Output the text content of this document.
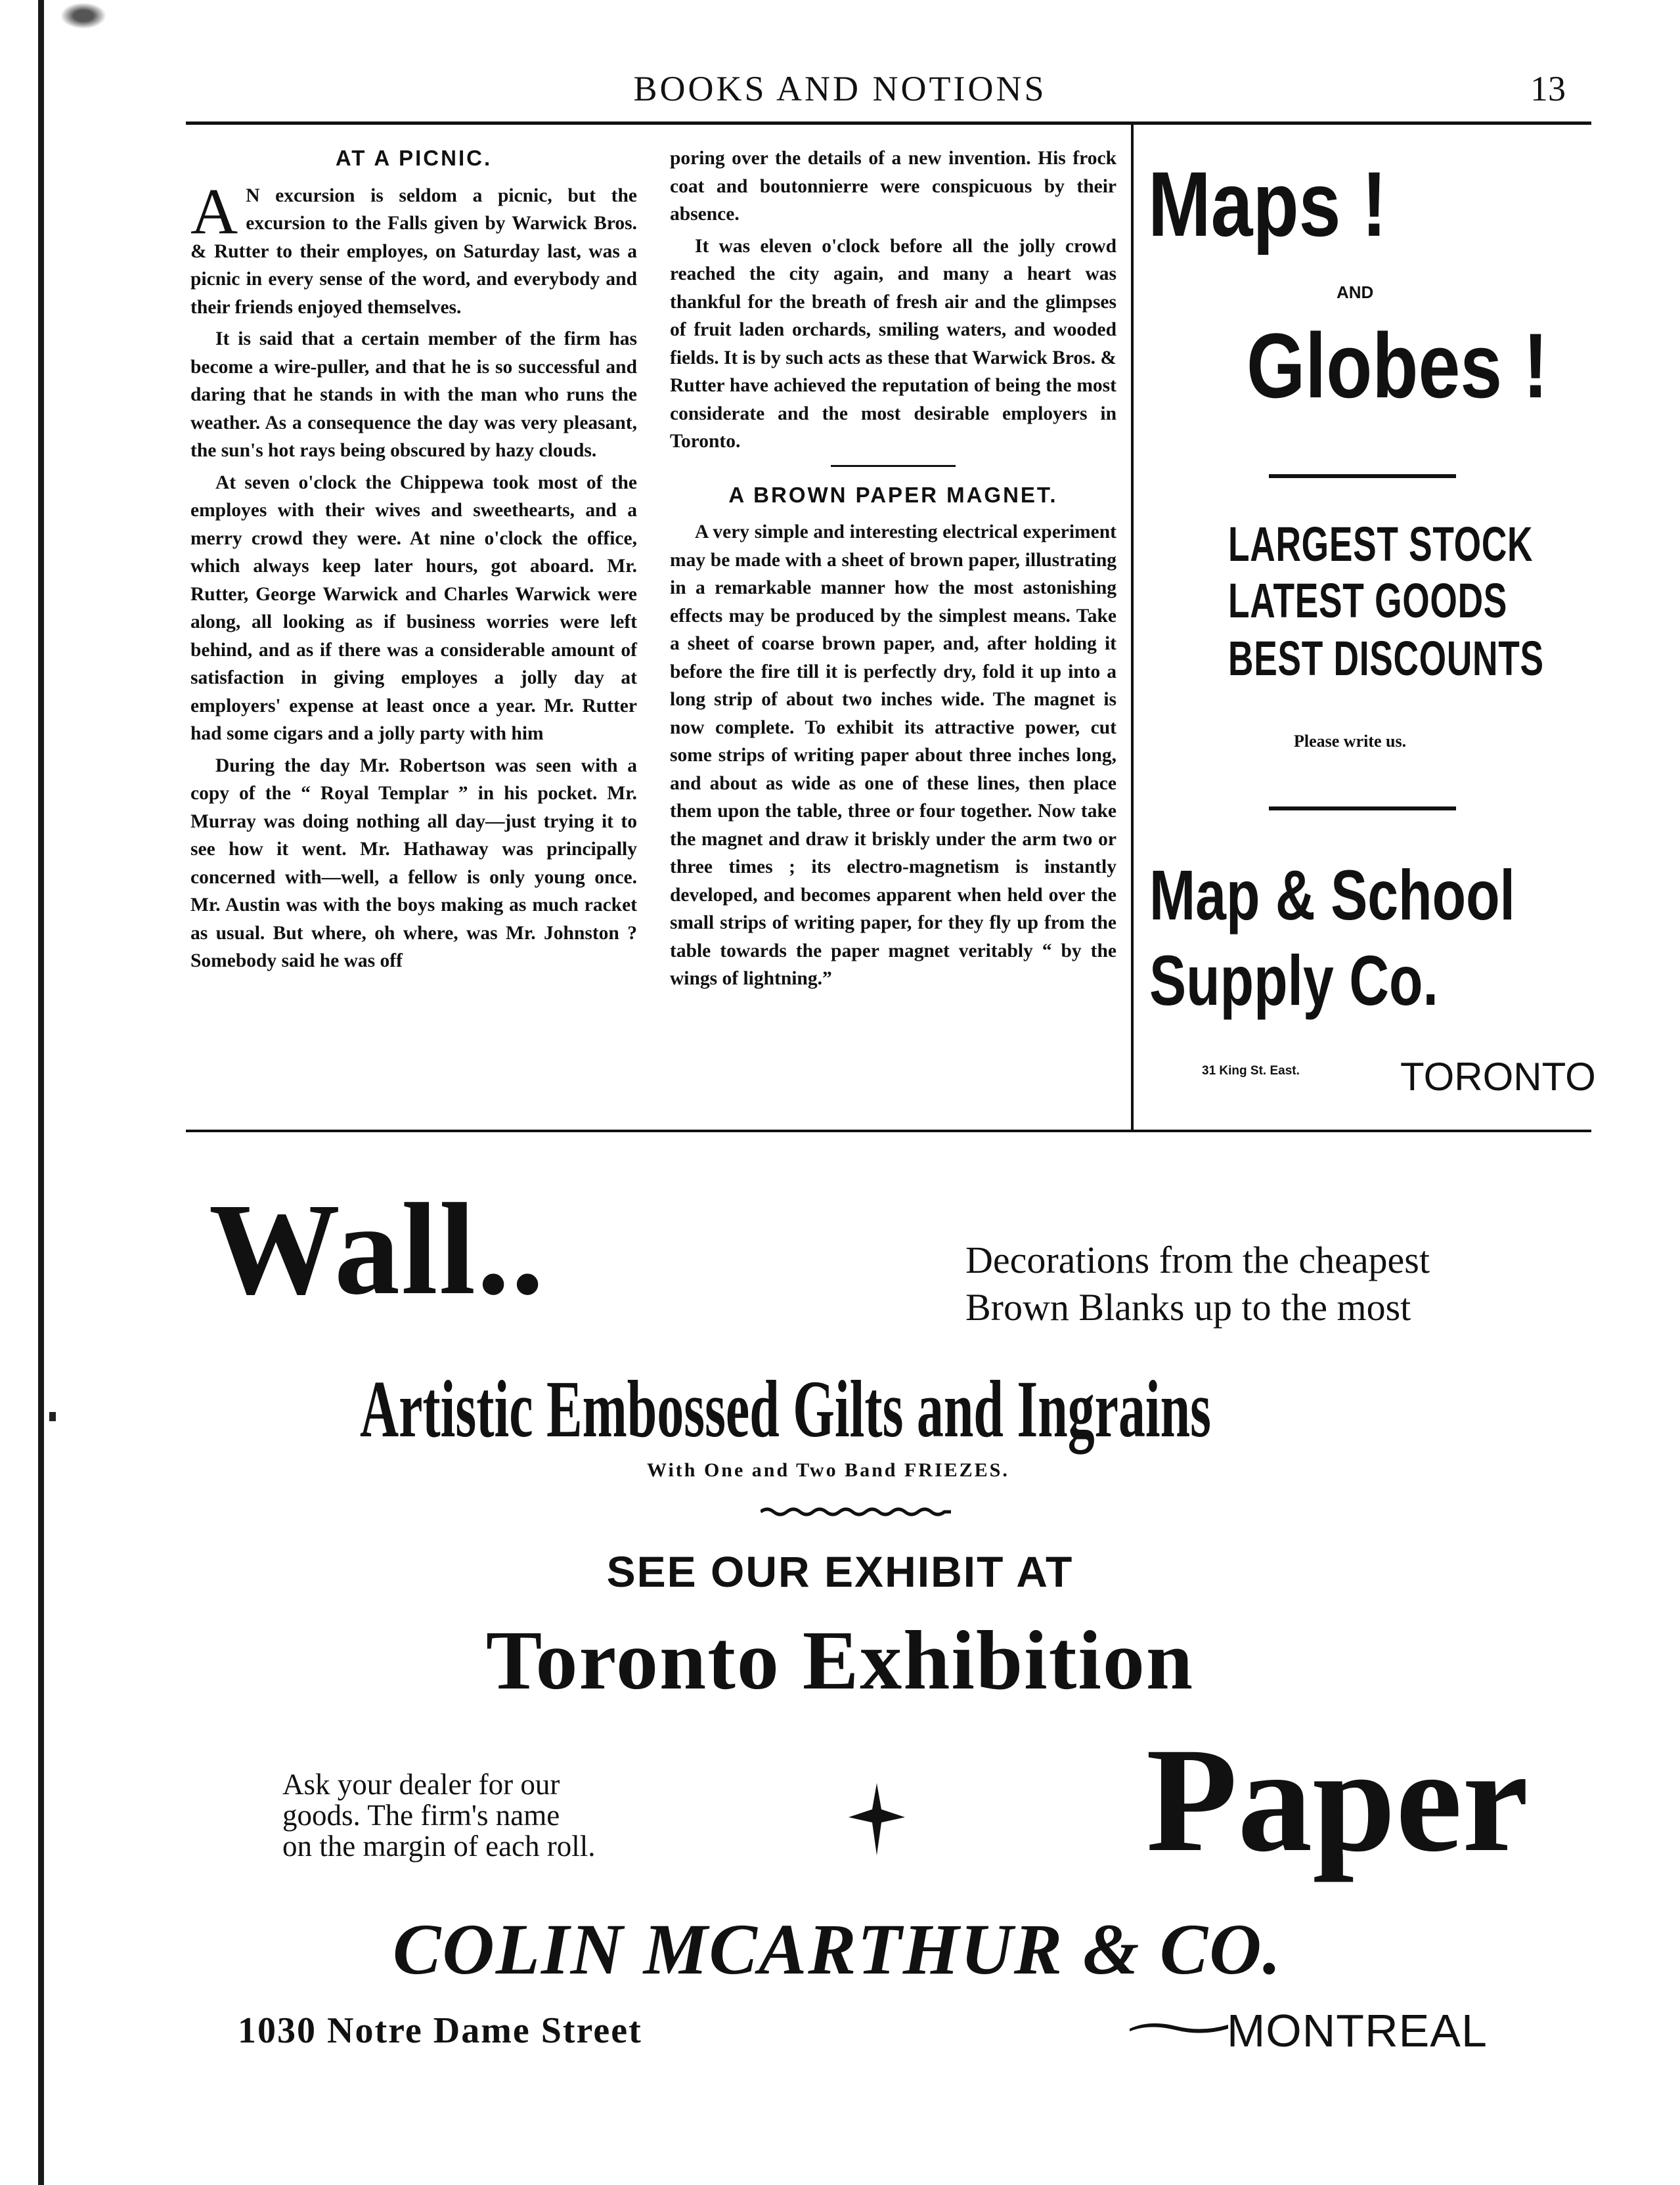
BOOKS AND NOTIONS	13
AT A PICNIC.

A N excursion is seldom a picnic, but the excursion to the Falls given by Warwick Bros. & Rutter to their employes, on Saturday last, was a picnic in every sense of the word, and everybody and their friends enjoyed themselves.

It is said that a certain member of the firm has become a wire-puller, and that he is so successful and daring that he stands in with the man who runs the weather. As a consequence the day was very pleasant, the sun's hot rays being obscured by hazy clouds.

At seven o'clock the Chippewa took most of the employes with their wives and sweethearts, and a merry crowd they were. At nine o'clock the office, which always keep later hours, got aboard. Mr. Rutter, George Warwick and Charles Warwick were along, all looking as if business worries were left behind, and as if there was a considerable amount of satisfaction in giving employes a jolly day at employers' expense at least once a year. Mr. Rutter had some cigars and a jolly party with him

During the day Mr. Robertson was seen with a copy of the “ Royal Templar ” in his pocket. Mr. Murray was doing nothing all day—just trying it to see how it went. Mr. Hathaway was principally concerned with—well, a fellow is only young once. Mr. Austin was with the boys making as much racket as usual. But where, oh where, was Mr. Johnston ? Somebody said he was off

poring over the details of a new invention. His frock coat and boutonnierre were conspicuous by their absence.

It was eleven o'clock before all the jolly crowd reached the city again, and many a heart was thankful for the breath of fresh air and the glimpses of fruit laden orchards, smiling waters, and wooded fields. It is by such acts as these that Warwick Bros. & Rutter have achieved the reputation of being the most considerate and the most desirable employers in Toronto.

A BROWN PAPER MAGNET.

A very simple and interesting electrical experiment may be made with a sheet of brown paper, illustrating in a remarkable manner how the most astonishing effects may be produced by the simplest means. Take a sheet of coarse brown paper, and, after holding it before the fire till it is perfectly dry, fold it up into a long strip of about two inches wide. The magnet is now complete. To exhibit its attractive power, cut some strips of writing paper about three inches long, and about as wide as one of these lines, then place them upon the table, three or four together. Now take the magnet and draw it briskly under the arm two or three times ; its electro-magnetism is instantly developed, and becomes apparent when held over the small strips of writing paper, for they fly up from the table towards the paper magnet veritably “ by the wings of lightning.”

Maps !
AND
Globes !
LARGEST STOCK
LATEST GOODS
BEST DISCOUNTS
Please write us.
Map & School
Supply Co.
31 King St. East.	TORONTO
Wall..	Decorations from the cheapest
Brown Blanks up to the most
Artistic Embossed Gilts and Ingrains
With One and Two Band FRIEZES.
SEE OUR EXHIBIT AT
Toronto Exhibition
Ask your dealer for our
goods. The firm's name
on the margin of each roll.	Paper
COLIN MCARTHUR & CO.
1030 Notre Dame Street	MONTREAL
